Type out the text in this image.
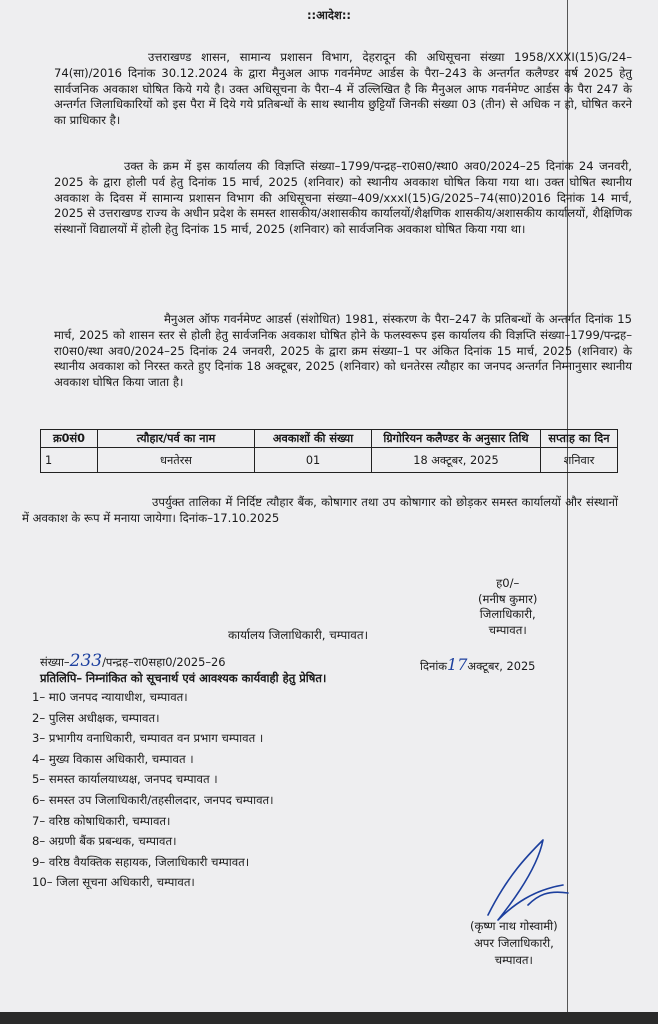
::आदेश::

उत्तराखण्ड शासन, सामान्य प्रशासन विभाग, देहरादून की अधिसूचना संख्या 1958/XXXI(15)G/24–74(सा)/2016 दिनांक 30.12.2024 के द्वारा मैनुअल आफ गवर्नमेण्ट आर्डस के पैरा–243 के अन्तर्गत कलैण्डर वर्ष 2025 हेतु सार्वजनिक अवकाश घोषित किये गये है। उक्त अधिसूचना के पैरा–4 में उल्लिखित है कि मैनुअल आफ गवर्नमेण्ट आर्डस के पैरा 247 के अन्तर्गत जिलाधिकारियों को इस पैरा में दिये गये प्रतिबन्धों के साथ स्थानीय छुट्टियाँ जिनकी संख्या 03 (तीन) से अधिक न हो, घोषित करने का प्राधिकार है।

उक्त के क्रम में इस कार्यालय की विज्ञप्ति संख्या–1799/पन्द्रह–रा0स0/स्था0 अव0/2024–25 दिनांक 24 जनवरी, 2025 के द्वारा होली पर्व हेतु दिनांक 15 मार्च, 2025 (शनिवार) को स्थानीय अवकाश घोषित किया गया था। उक्त घोषित स्थानीय अवकाश के दिवस में सामान्य प्रशासन विभाग की अधिसूचना संख्या–409/xxxI(15)G/2025–74(सा0)2016 दिनांक 14 मार्च, 2025 से उत्तराखण्ड राज्य के अधीन प्रदेश के समस्त शासकीय/अशासकीय कार्यालयों/शैक्षणिक शासकीय/अशासकीय कार्यालयों, शैक्षिणिक संस्थानों विद्यालयों में होली हेतु दिनांक 15 मार्च, 2025 (शनिवार) को सार्वजनिक अवकाश घोषित किया गया था।

मैनुअल ऑफ गवर्नमेण्ट आडर्स (संशोधित) 1981, संस्करण के पैरा–247 के प्रतिबन्धों के अन्तर्गत दिनांक 15 मार्च, 2025 को शासन स्तर से होली हेतु सार्वजनिक अवकाश घोषित होने के फलस्वरूप इस कार्यालय की विज्ञप्ति संख्या–1799/पन्द्रह–रा0स0/स्था अव0/2024–25 दिनांक 24 जनवरी, 2025 के द्वारा क्रम संख्या–1 पर अंकित दिनांक 15 मार्च, 2025 (शनिवार) के स्थानीय अवकाश को निरस्त करते हुए दिनांक 18 अक्टूबर, 2025 (शनिवार) को धनतेरस त्यौहार का जनपद अन्तर्गत निम्नानुसार स्थानीय अवकाश घोषित किया जाता है।

क्र0सं0	त्यौहार/पर्व का नाम	अवकाशों की संख्या	ग्रिगोरियन कलैण्डर के अनुसार तिथि	सप्ताह का दिन
1	धनतेरस	01	18 अक्टूबर, 2025	शनिवार

उपर्युक्त तालिका में निर्दिष्ट त्यौहार बैंक, कोषागार तथा उप कोषागार को छोड़कर समस्त कार्यालयों और संस्थानों में अवकाश के रूप में मनाया जायेगा। दिनांक–17.10.2025

ह0/–
(मनीष कुमार)
जिलाधिकारी,
चम्पावत।
कार्यालय जिलाधिकारी, चम्पावत।
संख्या–233/पन्द्रह–रा0सहा0/2025–26	दिनांक17अक्टूबर, 2025
प्रतिलिपि– निम्नांकित को सूचनार्थ एवं आवश्यक कार्यवाही हेतु प्रेषित।
1– मा0 जनपद न्यायाधीश, चम्पावत।
2– पुलिस अधीक्षक, चम्पावत।
3– प्रभागीय वनाधिकारी, चम्पावत वन प्रभाग चम्पावत ।
4– मुख्य विकास अधिकारी, चम्पावत ।
5– समस्त कार्यालयाध्यक्ष, जनपद चम्पावत ।
6– समस्त उप जिलाधिकारी/तहसीलदार, जनपद चम्पावत।
7– वरिष्ठ कोषाधिकारी, चम्पावत।
8– अग्रणी बैंक प्रबन्धक, चम्पावत।
9– वरिष्ठ वैयक्तिक सहायक, जिलाधिकारी चम्पावत।
10– जिला सूचना अधिकारी, चम्पावत।
(कृष्ण नाथ गोस्वामी)
अपर जिलाधिकारी,
चम्पावत।
